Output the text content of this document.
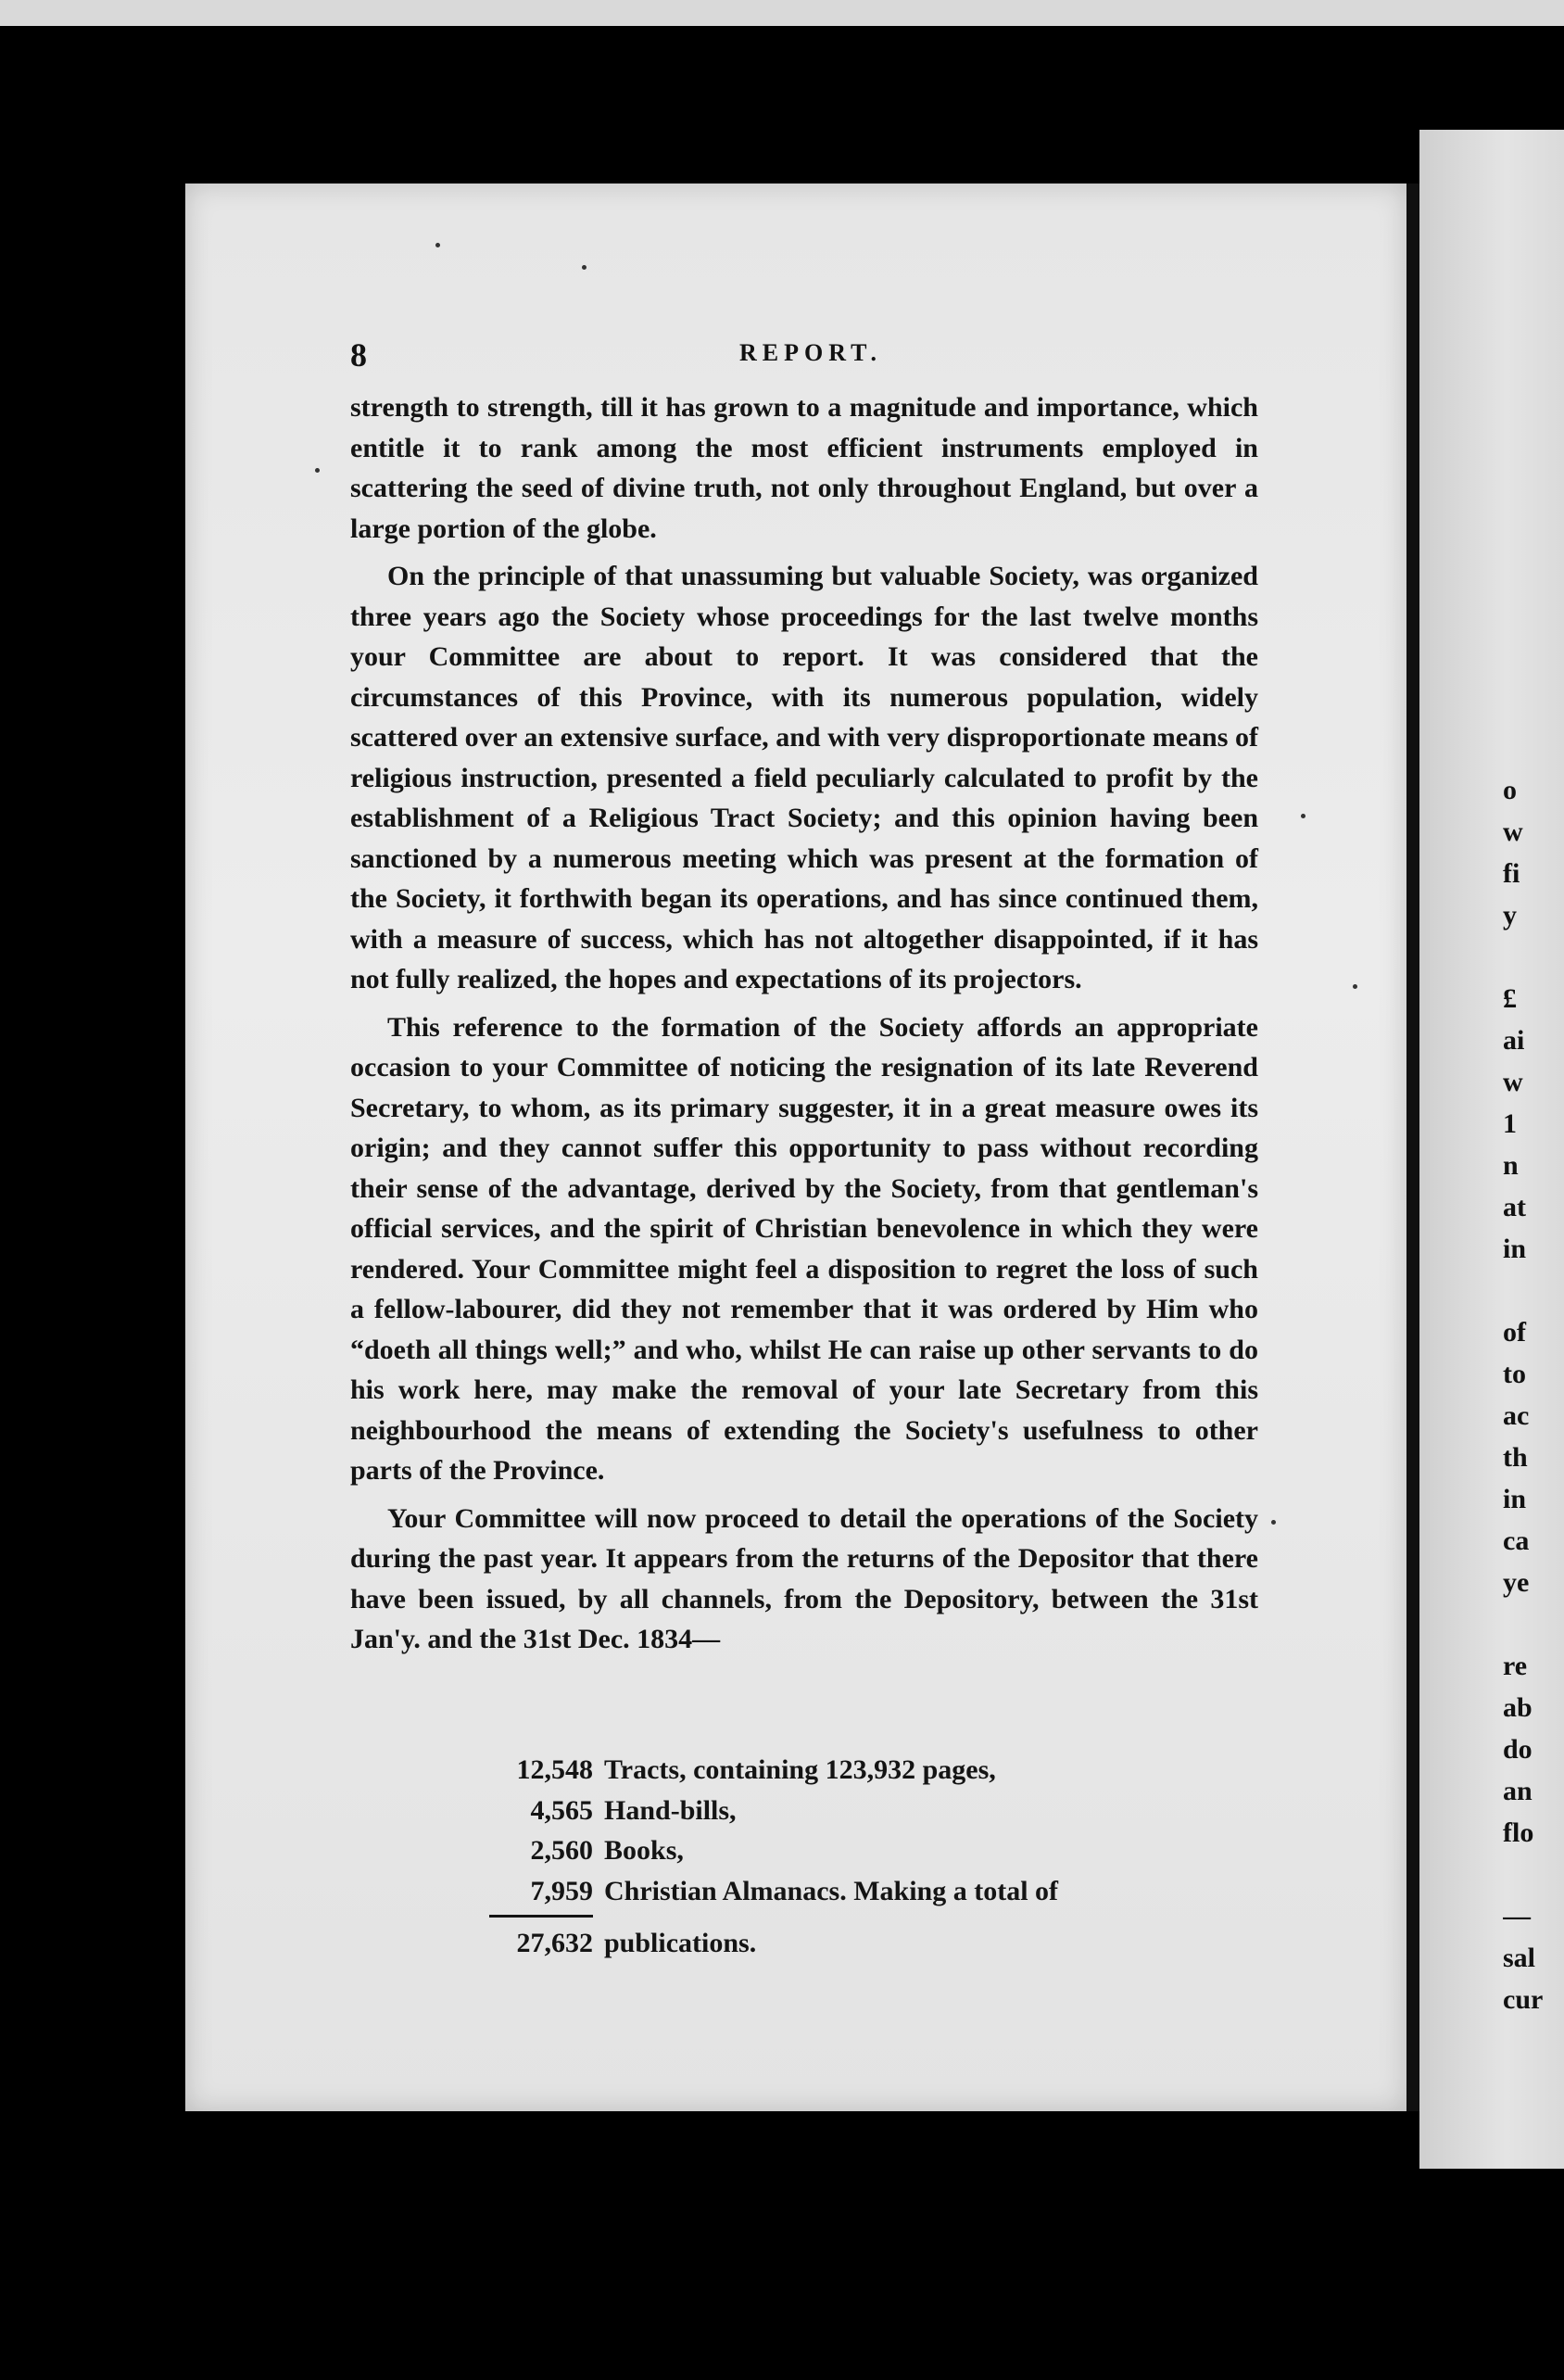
o
w
fi
y

£
ai
w
1
n
at
in

of
to
ac
th
in
ca
ye

re
ab
do
an
flo

—
sal
cur
8	REPORT.

strength to strength, till it has grown to a magnitude and importance, which entitle it to rank among the most efficient instruments employed in scattering the seed of divine truth, not only throughout England, but over a large portion of the globe.

On the principle of that unassuming but valuable Society, was organized three years ago the Society whose proceedings for the last twelve months your Committee are about to report. It was considered that the circumstances of this Province, with its numerous population, widely scattered over an extensive surface, and with very disproportionate means of religious instruction, presented a field peculiarly calculated to profit by the establishment of a Religious Tract Society; and this opinion having been sanctioned by a numerous meeting which was present at the formation of the Society, it forthwith began its operations, and has since continued them, with a measure of success, which has not altogether disappointed, if it has not fully realized, the hopes and expectations of its projectors.

This reference to the formation of the Society affords an appropriate occasion to your Committee of noticing the resignation of its late Reverend Secretary, to whom, as its primary suggester, it in a great measure owes its origin; and they cannot suffer this opportunity to pass without recording their sense of the advantage, derived by the Society, from that gentleman's official services, and the spirit of Christian benevolence in which they were rendered. Your Committee might feel a disposition to regret the loss of such a fellow-labourer, did they not remember that it was ordered by Him who “doeth all things well;” and who, whilst He can raise up other servants to do his work here, may make the removal of your late Secretary from this neighbourhood the means of extending the Society's usefulness to other parts of the Province.

Your Committee will now proceed to detail the operations of the Society during the past year. It appears from the returns of the Depositor that there have been issued, by all channels, from the Depository, between the 31st Jan'y. and the 31st Dec. 1834—

12,548 Tracts, containing 123,932 pages,
4,565 Hand-bills,
2,560 Books,
7,959 Christian Almanacs. Making a total of
27,632 publications.
